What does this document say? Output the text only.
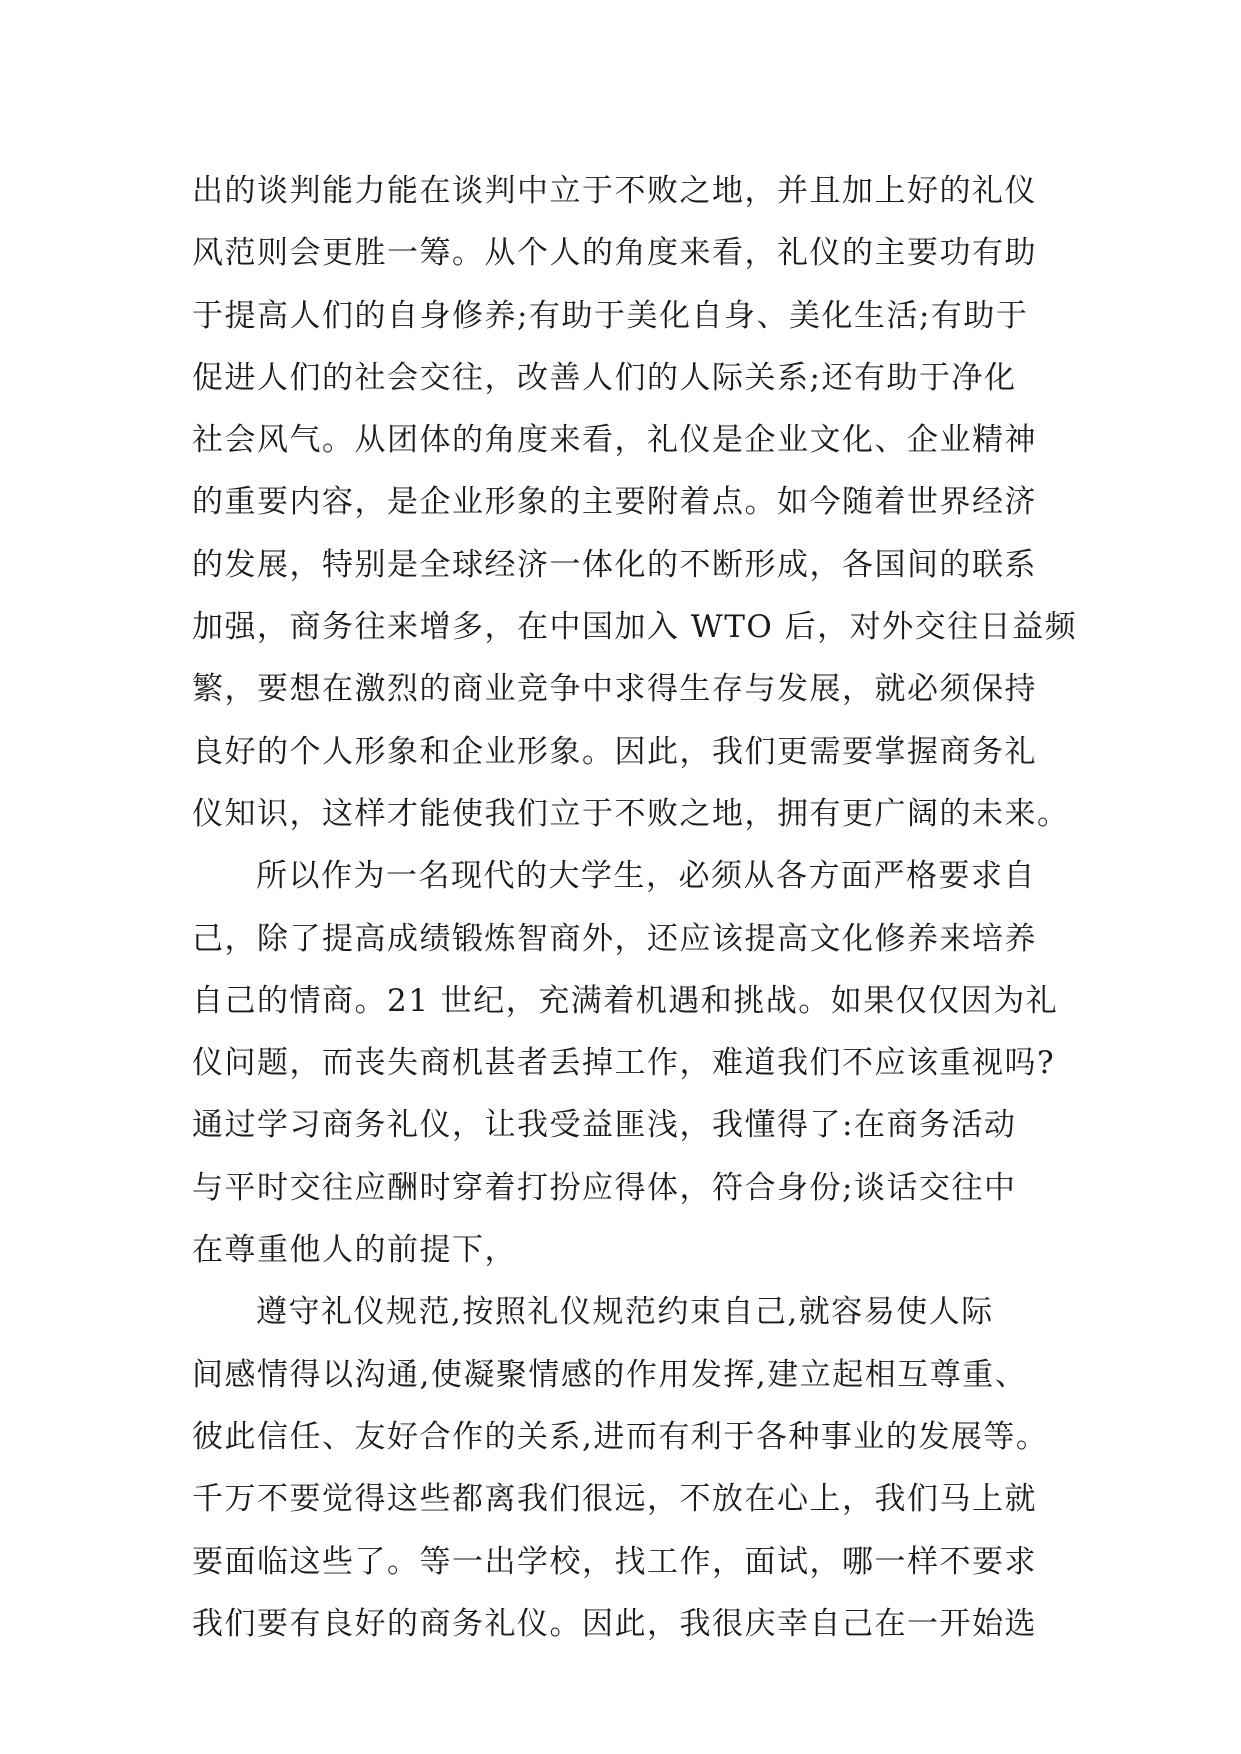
出的谈判能力能在谈判中立于不败之地，并且加上好的礼仪
风范则会更胜一筹。从个人的角度来看，礼仪的主要功有助
于提高人们的自身修养;有助于美化自身、美化生活;有助于
促进人们的社会交往，改善人们的人际关系;还有助于净化
社会风气。从团体的角度来看，礼仪是企业文化、企业精神
的重要内容，是企业形象的主要附着点。如今随着世界经济
的发展，特别是全球经济一体化的不断形成，各国间的联系
加强，商务往来增多，在中国加入 WTO 后，对外交往日益频
繁，要想在激烈的商业竞争中求得生存与发展，就必须保持
良好的个人形象和企业形象。因此，我们更需要掌握商务礼
仪知识，这样才能使我们立于不败之地，拥有更广阔的未来。
所以作为一名现代的大学生，必须从各方面严格要求自
己，除了提高成绩锻炼智商外，还应该提高文化修养来培养
自己的情商。21 世纪，充满着机遇和挑战。如果仅仅因为礼
仪问题，而丧失商机甚者丢掉工作，难道我们不应该重视吗?
通过学习商务礼仪，让我受益匪浅，我懂得了:在商务活动
与平时交往应酬时穿着打扮应得体，符合身份;谈话交往中
在尊重他人的前提下，
遵守礼仪规范,按照礼仪规范约束自己,就容易使人际
间感情得以沟通,使凝聚情感的作用发挥,建立起相互尊重、
彼此信任、友好合作的关系,进而有利于各种事业的发展等。
千万不要觉得这些都离我们很远，不放在心上，我们马上就
要面临这些了。等一出学校，找工作，面试，哪一样不要求
我们要有良好的商务礼仪。因此，我很庆幸自己在一开始选
